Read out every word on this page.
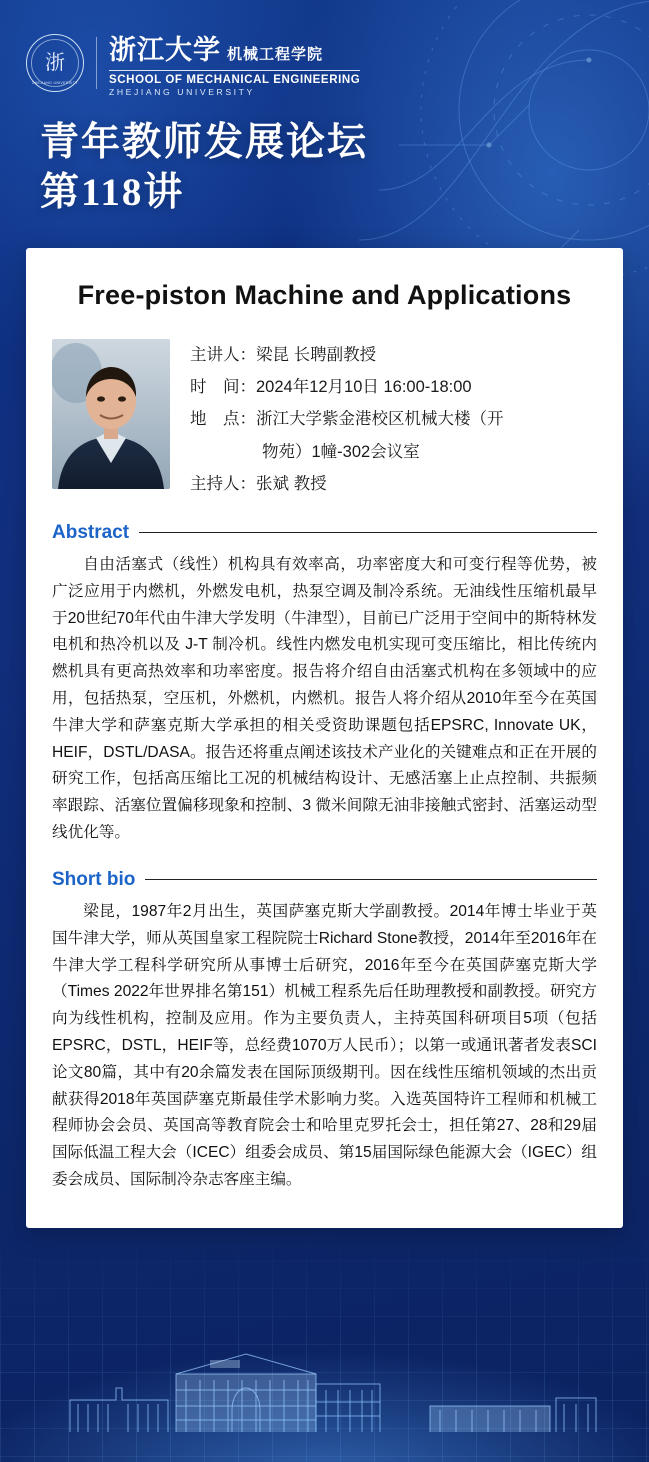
浙
ZHEJIANG UNIVERSITY
浙江大学 机械工程学院
SCHOOL OF MECHANICAL ENGINEERING
ZHEJIANG UNIVERSITY
青年教师发展论坛
第118讲
Free-piston Machine and Applications
主讲人： 梁昆 长聘副教授
时　间： 2024年12月10日 16:00-18:00
地　点： 浙江大学紫金港校区机械大楼（开
物苑）1幢-302会议室
主持人： 张斌 教授
Abstract

自由活塞式（线性）机构具有效率高，功率密度大和可变行程等优势，被广泛应用于内燃机，外燃发电机，热泵空调及制冷系统。无油线性压缩机最早于20世纪70年代由牛津大学发明（牛津型），目前已广泛用于空间中的斯特林发电机和热冷机以及 J-T 制冷机。线性内燃发电机实现可变压缩比，相比传统内燃机具有更高热效率和功率密度。报告将介绍自由活塞式机构在多领域中的应用，包括热泵，空压机，外燃机，内燃机。报告人将介绍从2010年至今在英国牛津大学和萨塞克斯大学承担的相关受资助课题包括EPSRC, Innovate UK，HEIF，DSTL/DASA。报告还将重点阐述该技术产业化的关键难点和正在开展的研究工作，包括高压缩比工况的机械结构设计、无感活塞上止点控制、共振频率跟踪、活塞位置偏移现象和控制、3 微米间隙无油非接触式密封、活塞运动型线优化等。

Short bio

梁昆，1987年2月出生，英国萨塞克斯大学副教授。2014年博士毕业于英国牛津大学，师从英国皇家工程院院士Richard Stone教授，2014年至2016年在牛津大学工程科学研究所从事博士后研究，2016年至今在英国萨塞克斯大学（Times 2022年世界排名第151）机械工程系先后任助理教授和副教授。研究方向为线性机构，控制及应用。作为主要负责人，主持英国科研项目5项（包括EPSRC，DSTL，HEIF等，总经费1070万人民币）；以第一或通讯著者发表SCI论文80篇，其中有20余篇发表在国际顶级期刊。因在线性压缩机领域的杰出贡献获得2018年英国萨塞克斯最佳学术影响力奖。入选英国特许工程师和机械工程师协会会员、英国高等教育院会士和哈里克罗托会士，担任第27、28和29届国际低温工程大会（ICEC）组委会成员、第15届国际绿色能源大会（IGEC）组委会成员、国际制冷杂志客座主编。
